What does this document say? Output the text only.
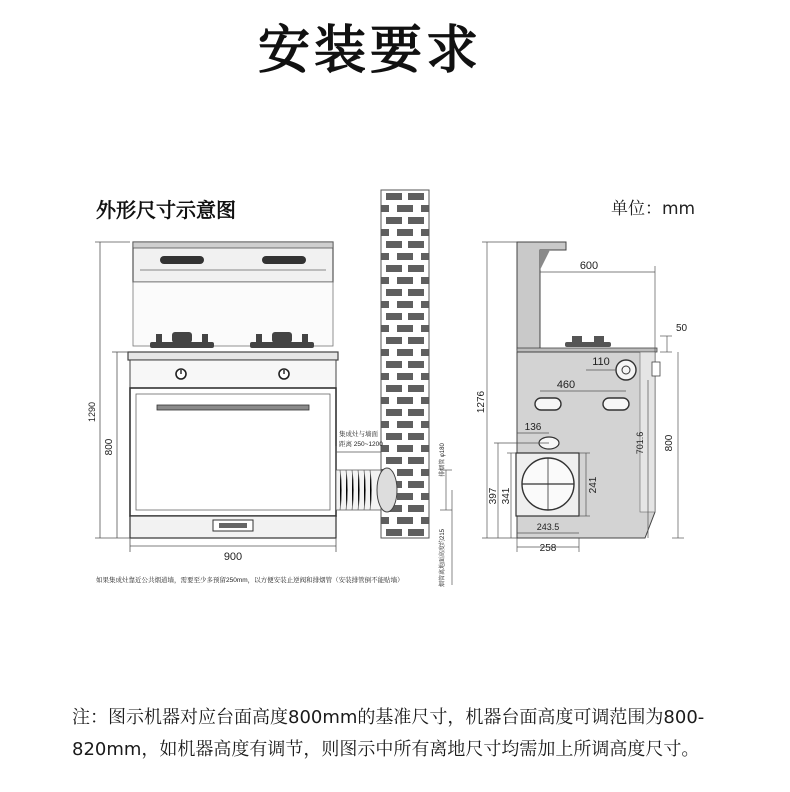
安装要求
外形尺寸示意图	单位：mm
1290
800
900
集成灶与墙面
距离 250~1200	排烟管 φ180
烟管离地面高度约215
如果集成灶靠近公共烟道墙，需要至少多预留250mm，以方便安装止逆阀和排烟管（安装排管倒不能贴墙）
1276
600
50
110
460
800
701.6
136
397 341
241
243.5
258
注：图示机器对应台面高度800mm的基准尺寸，机器台面高度可调范围为800-820mm，如机器高度有调节，则图示中所有离地尺寸均需加上所调高度尺寸。
